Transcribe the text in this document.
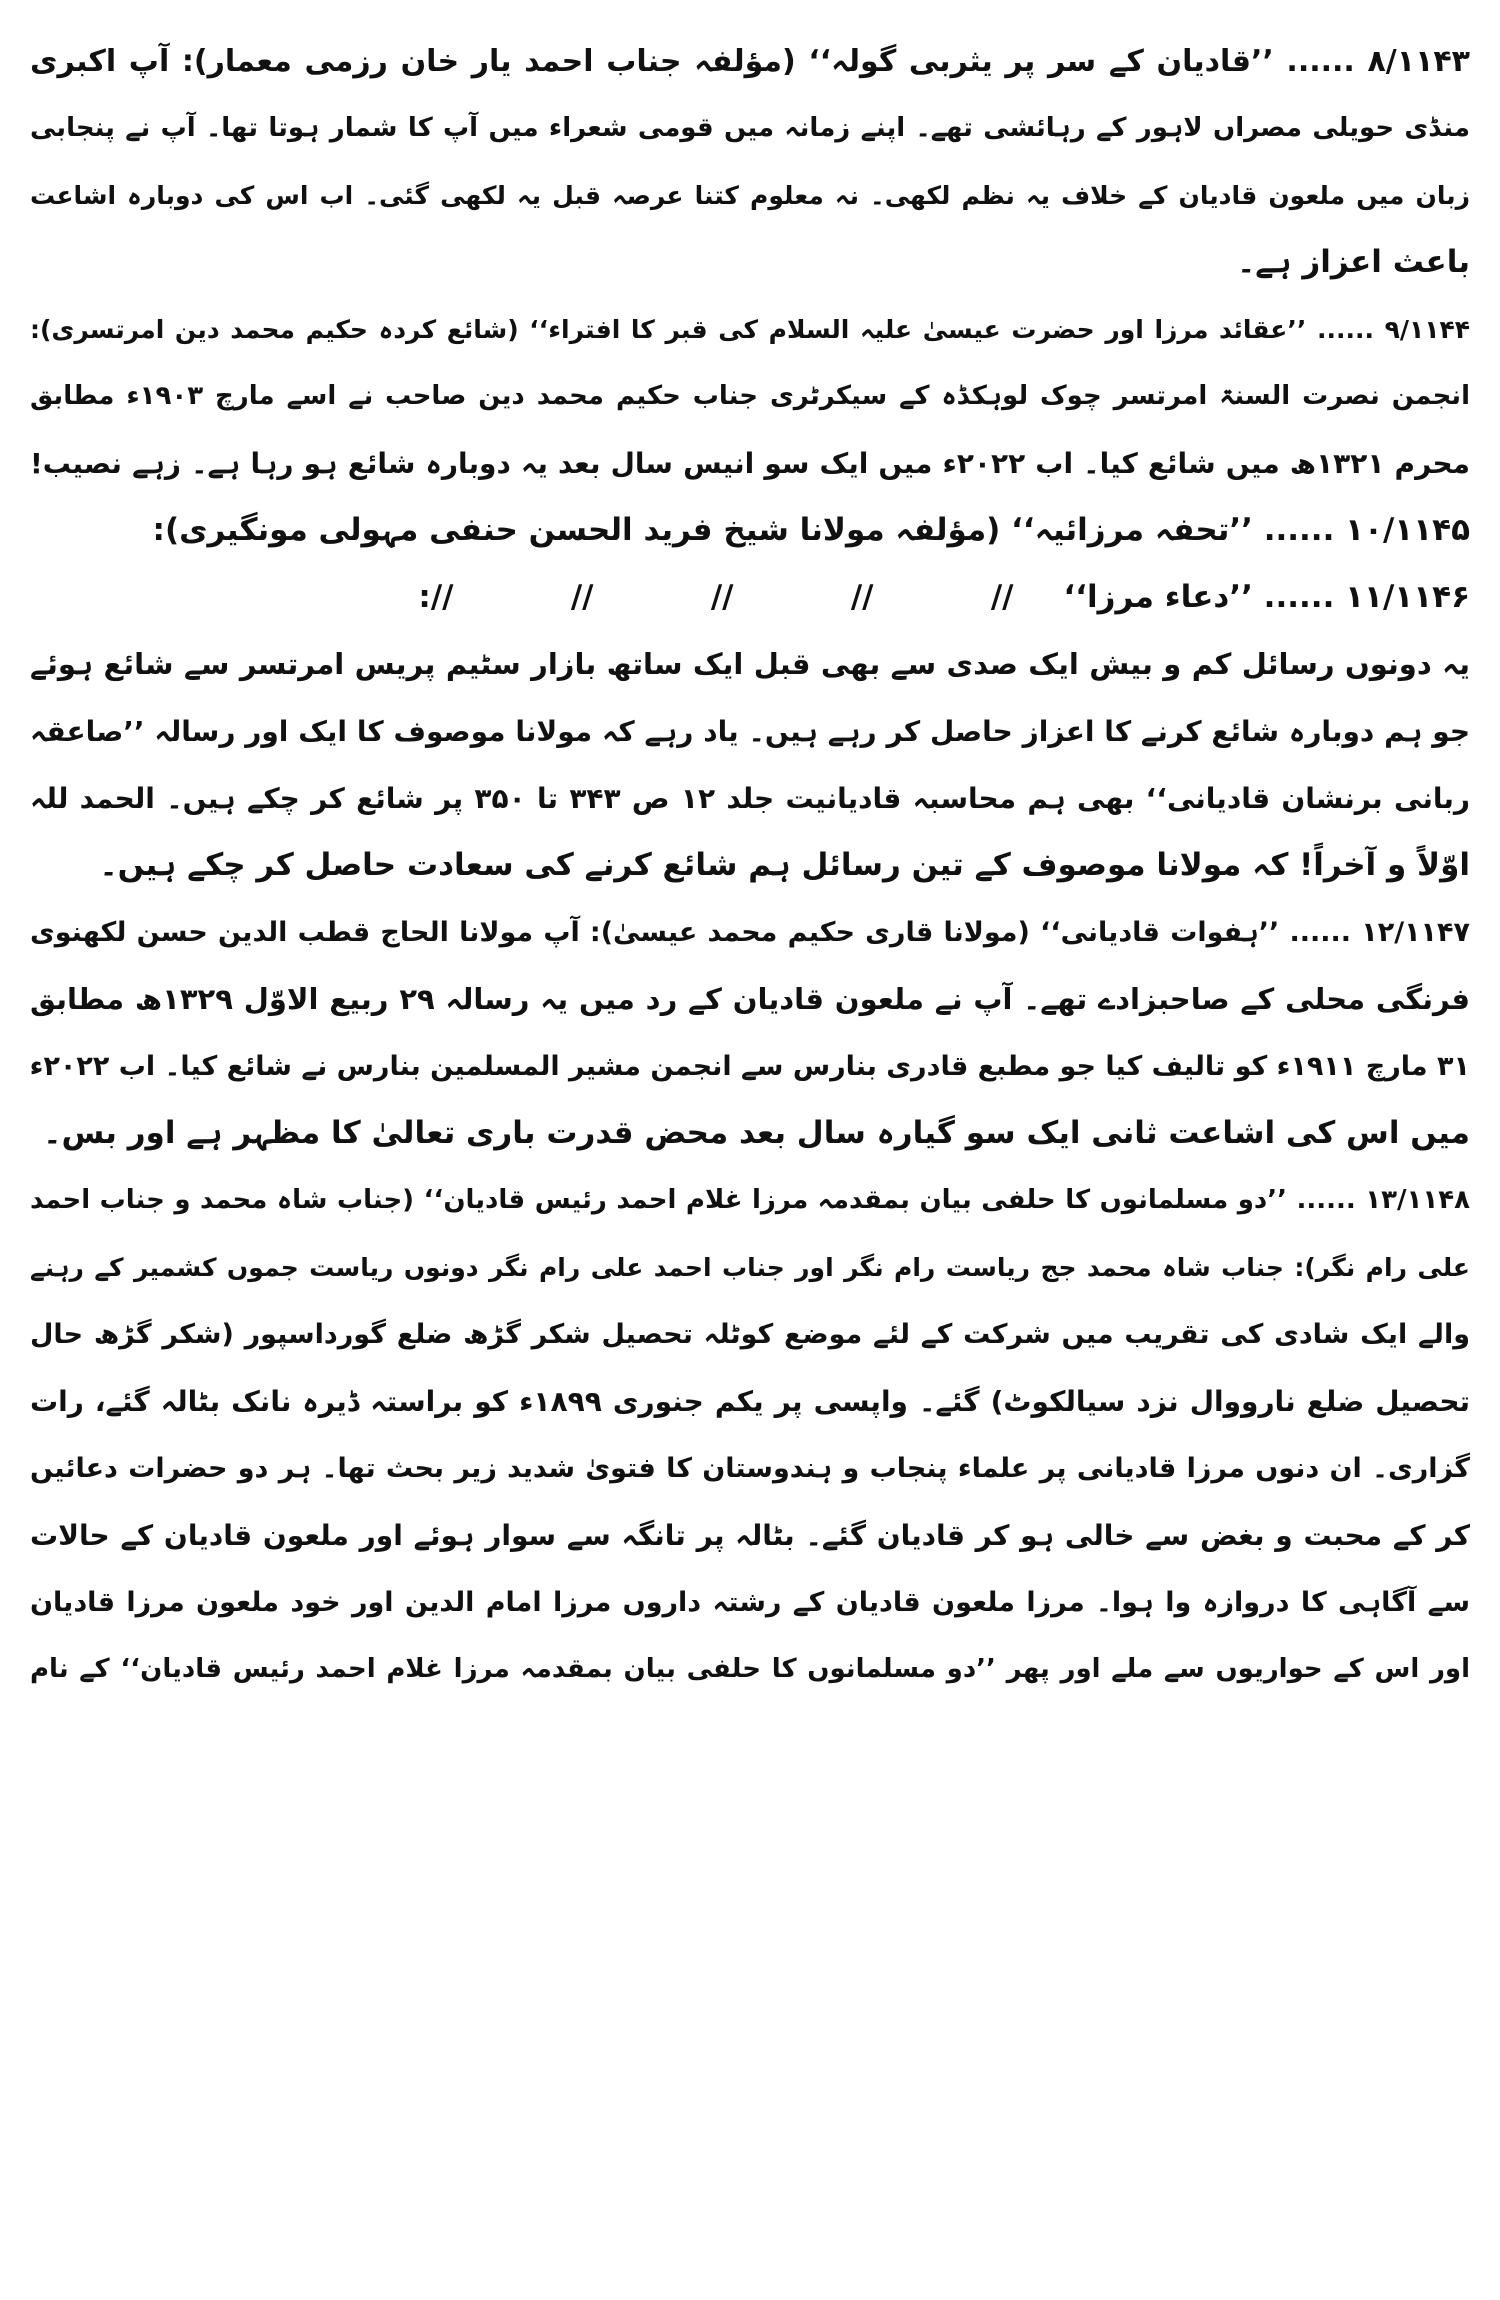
۸/۱۱۴۳ ...... ’’قادیان کے سر پر یثربی گولہ‘‘ (مؤلفہ جناب احمد یار خان رزمی معمار): آپ اکبری
منڈی حویلی مصراں لاہور کے رہائشی تھے۔ اپنے زمانہ میں قومی شعراء میں آپ کا شمار ہوتا تھا۔ آپ نے پنجابی
زبان میں ملعون قادیان کے خلاف یہ نظم لکھی۔ نہ معلوم کتنا عرصہ قبل یہ لکھی گئی۔ اب اس کی دوبارہ اشاعت
باعث اعزاز ہے۔
۹/۱۱۴۴ ...... ’’عقائد مرزا اور حضرت عیسیٰ علیہ السلام کی قبر کا افتراء‘‘ (شائع کردہ حکیم محمد دین امرتسری):
انجمن نصرت السنۃ امرتسر چوک لوہکڈہ کے سیکرٹری جناب حکیم محمد دین صاحب نے اسے مارچ ۱۹۰۳ء مطابق
محرم ۱۳۲۱ھ میں شائع کیا۔ اب ۲۰۲۲ء میں ایک سو انیس سال بعد یہ دوبارہ شائع ہو رہا ہے۔ زہے نصیب!
۱۰/۱۱۴۵ ...... ’’تحفہ مرزائیہ‘‘ (مؤلفہ مولانا شیخ فرید الحسن حنفی مہولی مونگیری):
۱۱/۱۱۴۶ ...... ’’دعاء مرزا‘‘
//
//
//
//
//:
یہ دونوں رسائل کم و بیش ایک صدی سے بھی قبل ایک ساتھ بازار سٹیم پریس امرتسر سے شائع ہوئے
جو ہم دوبارہ شائع کرنے کا اعزاز حاصل کر رہے ہیں۔ یاد رہے کہ مولانا موصوف کا ایک اور رسالہ ’’صاعقہ
ربانی برنشان قادیانی‘‘ بھی ہم محاسبہ قادیانیت جلد ۱۲ ص ۳۴۳ تا ۳۵۰ پر شائع کر چکے ہیں۔ الحمد للہ
اوّلاً و آخراً! کہ مولانا موصوف کے تین رسائل ہم شائع کرنے کی سعادت حاصل کر چکے ہیں۔
۱۲/۱۱۴۷ ...... ’’ہفوات قادیانی‘‘ (مولانا قاری حکیم محمد عیسیٰ): آپ مولانا الحاج قطب الدین حسن لکھنوی
فرنگی محلی کے صاحبزادے تھے۔ آپ نے ملعون قادیان کے رد میں یہ رسالہ ۲۹ ربیع الاوّل ۱۳۲۹ھ مطابق
۳۱ مارچ ۱۹۱۱ء کو تالیف کیا جو مطبع قادری بنارس سے انجمن مشیر المسلمین بنارس نے شائع کیا۔ اب ۲۰۲۲ء
میں اس کی اشاعت ثانی ایک سو گیارہ سال بعد محض قدرت باری تعالیٰ کا مظہر ہے اور بس۔
۱۳/۱۱۴۸ ...... ’’دو مسلمانوں کا حلفی بیان بمقدمہ مرزا غلام احمد رئیس قادیان‘‘ (جناب شاہ محمد و جناب احمد
علی رام نگر): جناب شاہ محمد جج ریاست رام نگر اور جناب احمد علی رام نگر دونوں ریاست جموں کشمیر کے رہنے
والے ایک شادی کی تقریب میں شرکت کے لئے موضع کوٹلہ تحصیل شکر گڑھ ضلع گورداسپور (شکر گڑھ حال
تحصیل ضلع نارووال نزد سیالکوٹ) گئے۔ واپسی پر یکم جنوری ۱۸۹۹ء کو براستہ ڈیرہ نانک بٹالہ گئے، رات
گزاری۔ ان دنوں مرزا قادیانی پر علماء پنجاب و ہندوستان کا فتویٰ شدید زیر بحث تھا۔ ہر دو حضرات دعائیں
کر کے محبت و بغض سے خالی ہو کر قادیان گئے۔ بٹالہ پر تانگہ سے سوار ہوئے اور ملعون قادیان کے حالات
سے آگاہی کا دروازہ وا ہوا۔ مرزا ملعون قادیان کے رشتہ داروں مرزا امام الدین اور خود ملعون مرزا قادیان
اور اس کے حواریوں سے ملے اور پھر ’’دو مسلمانوں کا حلفی بیان بمقدمہ مرزا غلام احمد رئیس قادیان‘‘ کے نام
